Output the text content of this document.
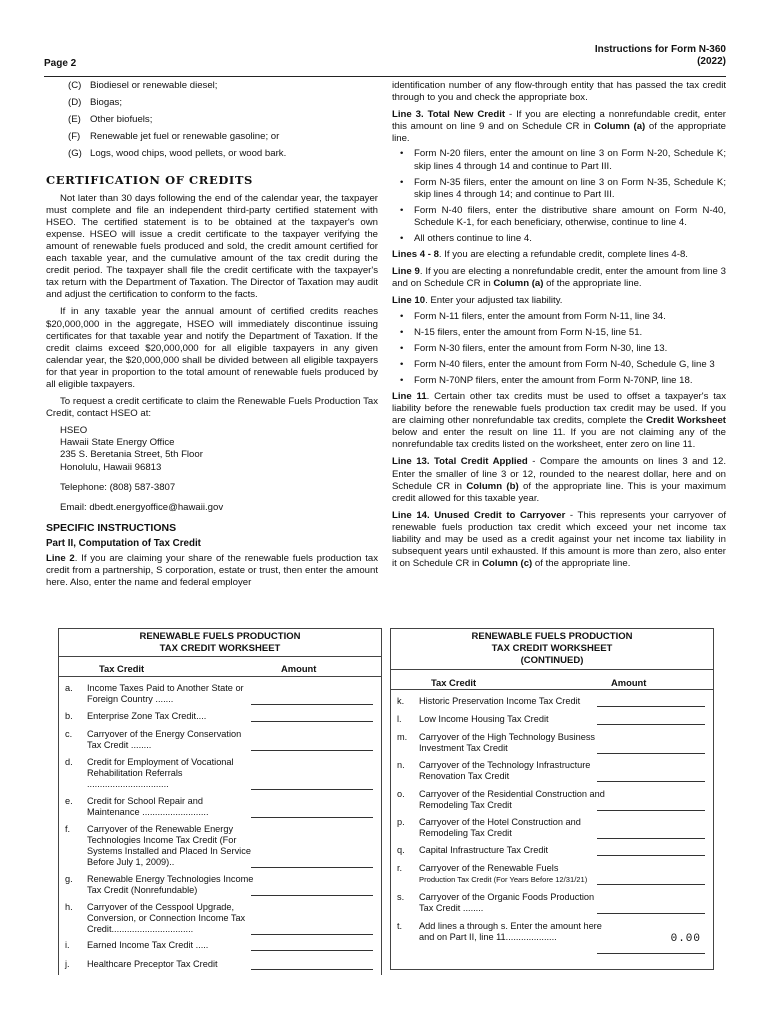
Page 2
Instructions for Form N-360
(2022)
(C) Biodiesel or renewable diesel;
(D) Biogas;
(E) Other biofuels;
(F) Renewable jet fuel or renewable gasoline; or
(G) Logs, wood chips, wood pellets, or wood bark.
CERTIFICATION OF CREDITS

Not later than 30 days following the end of the calendar year, the taxpayer must complete and file an independent third-party certified statement with HSEO. The certified statement is to be obtained at the taxpayer's own expense. HSEO will issue a credit certificate to the taxpayer verifying the amount of renewable fuels produced and sold, the credit amount certified for each taxable year, and the cumulative amount of the tax credit during the credit period. The taxpayer shall file the credit certificate with the taxpayer's tax return with the Department of Taxation. The Director of Taxation may audit and adjust the certification to conform to the facts.

If in any taxable year the annual amount of certified credits reaches $20,000,000 in the aggregate, HSEO will immediately discontinue issuing certificates for that taxable year and notify the Department of Taxation. If the credit claims exceed $20,000,000 for all eligible taxpayers in any given calendar year, the $20,000,000 shall be divided between all eligible taxpayers for that year in proportion to the total amount of renewable fuels produced by all eligible taxpayers.

To request a credit certificate to claim the Renewable Fuels Production Tax Credit, contact HSEO at:

HSEO
Hawaii State Energy Office
235 S. Beretania Street, 5th Floor
Honolulu, Hawaii 96813
Telephone: (808) 587-3807
Email: dbedt.energyoffice@hawaii.gov
SPECIFIC INSTRUCTIONS
Part II, Computation of Tax Credit

Line 2. If you are claiming your share of the renewable fuels production tax credit from a partnership, S corporation, estate or trust, then enter the amount here. Also, enter the name and federal employer

identification number of any flow-through entity that has passed the tax credit through to you and check the appropriate box.

Line 3. Total New Credit - If you are electing a nonrefundable credit, enter this amount on line 9 and on Schedule CR in Column (a) of the appropriate line.

• Form N-20 filers, enter the amount on line 3 on Form N-20, Schedule K; skip lines 4 through 14 and continue to Part III.
• Form N-35 filers, enter the amount on line 3 on Form N-35, Schedule K; skip lines 4 through 14; and continue to Part III.
• Form N-40 filers, enter the distributive share amount on Form N-40, Schedule K-1, for each beneficiary, otherwise, continue to line 4.
• All others continue to line 4.

Lines 4 - 8. If you are electing a refundable credit, complete lines 4-8.

Line 9. If you are electing a nonrefundable credit, enter the amount from line 3 and on Schedule CR in Column (a) of the appropriate line.

Line 10. Enter your adjusted tax liability.

• Form N-11 filers, enter the amount from Form N-11, line 34.
• N-15 filers, enter the amount from Form N-15, line 51.
• Form N-30 filers, enter the amount from Form N-30, line 13.
• Form N-40 filers, enter the amount from Form N-40, Schedule G, line 3
• Form N-70NP filers, enter the amount from Form N-70NP, line 18.

Line 11. Certain other tax credits must be used to offset a taxpayer's tax liability before the renewable fuels production tax credit may be used. If you are claiming other nonrefundable tax credits, complete the Credit Worksheet below and enter the result on line 11. If you are not claiming any of the nonrefundable tax credits listed on the worksheet, enter zero on line 11.

Line 13. Total Credit Applied - Compare the amounts on lines 3 and 12. Enter the smaller of line 3 or 12, rounded to the nearest dollar, here and on Schedule CR in Column (b) of the appropriate line. This is your maximum credit allowed for this taxable year.

Line 14. Unused Credit to Carryover - This represents your carryover of renewable fuels production tax credit which exceed your net income tax liability and may be used as a credit against your net income tax liability in subsequent years until exhausted. If this amount is more than zero, also enter it on Schedule CR in Column (c) of the appropriate line.

RENEWABLE FUELS PRODUCTION
TAX CREDIT WORKSHEET
Tax Credit	Amount
a. Income Taxes Paid to Another State or Foreign Country .......
b. Enterprise Zone Tax Credit....
c. Carryover of the Energy Conservation Tax Credit ........
d. Credit for Employment of Vocational Rehabilitation Referrals ................................
e. Credit for School Repair and Maintenance ..........................
f. Carryover of the Renewable Energy Technologies Income Tax Credit (For Systems Installed and Placed In Service Before July 1, 2009)..
g. Renewable Energy Technologies Income Tax Credit (Nonrefundable)
h. Carryover of the Cesspool Upgrade, Conversion, or Connection Income Tax Credit................................
i. Earned Income Tax Credit .....
j. Healthcare Preceptor Tax Credit
RENEWABLE FUELS PRODUCTION
TAX CREDIT WORKSHEET
(CONTINUED)
Tax Credit	Amount
k. Historic Preservation Income Tax Credit
l. Low Income Housing Tax Credit
m. Carryover of the High Technology Business Investment Tax Credit
n. Carryover of the Technology Infrastructure Renovation Tax Credit
o. Carryover of the Residential Construction and Remodeling Tax Credit
p. Carryover of the Hotel Construction and Remodeling Tax Credit
q. Capital Infrastructure Tax Credit
r. Carryover of the Renewable Fuels
Production Tax Credit (For Years Before 12/31/21)
s. Carryover of the Organic Foods Production Tax Credit ........
t. Add lines a through s. Enter the amount here and on Part II, line 11....................	0.00
